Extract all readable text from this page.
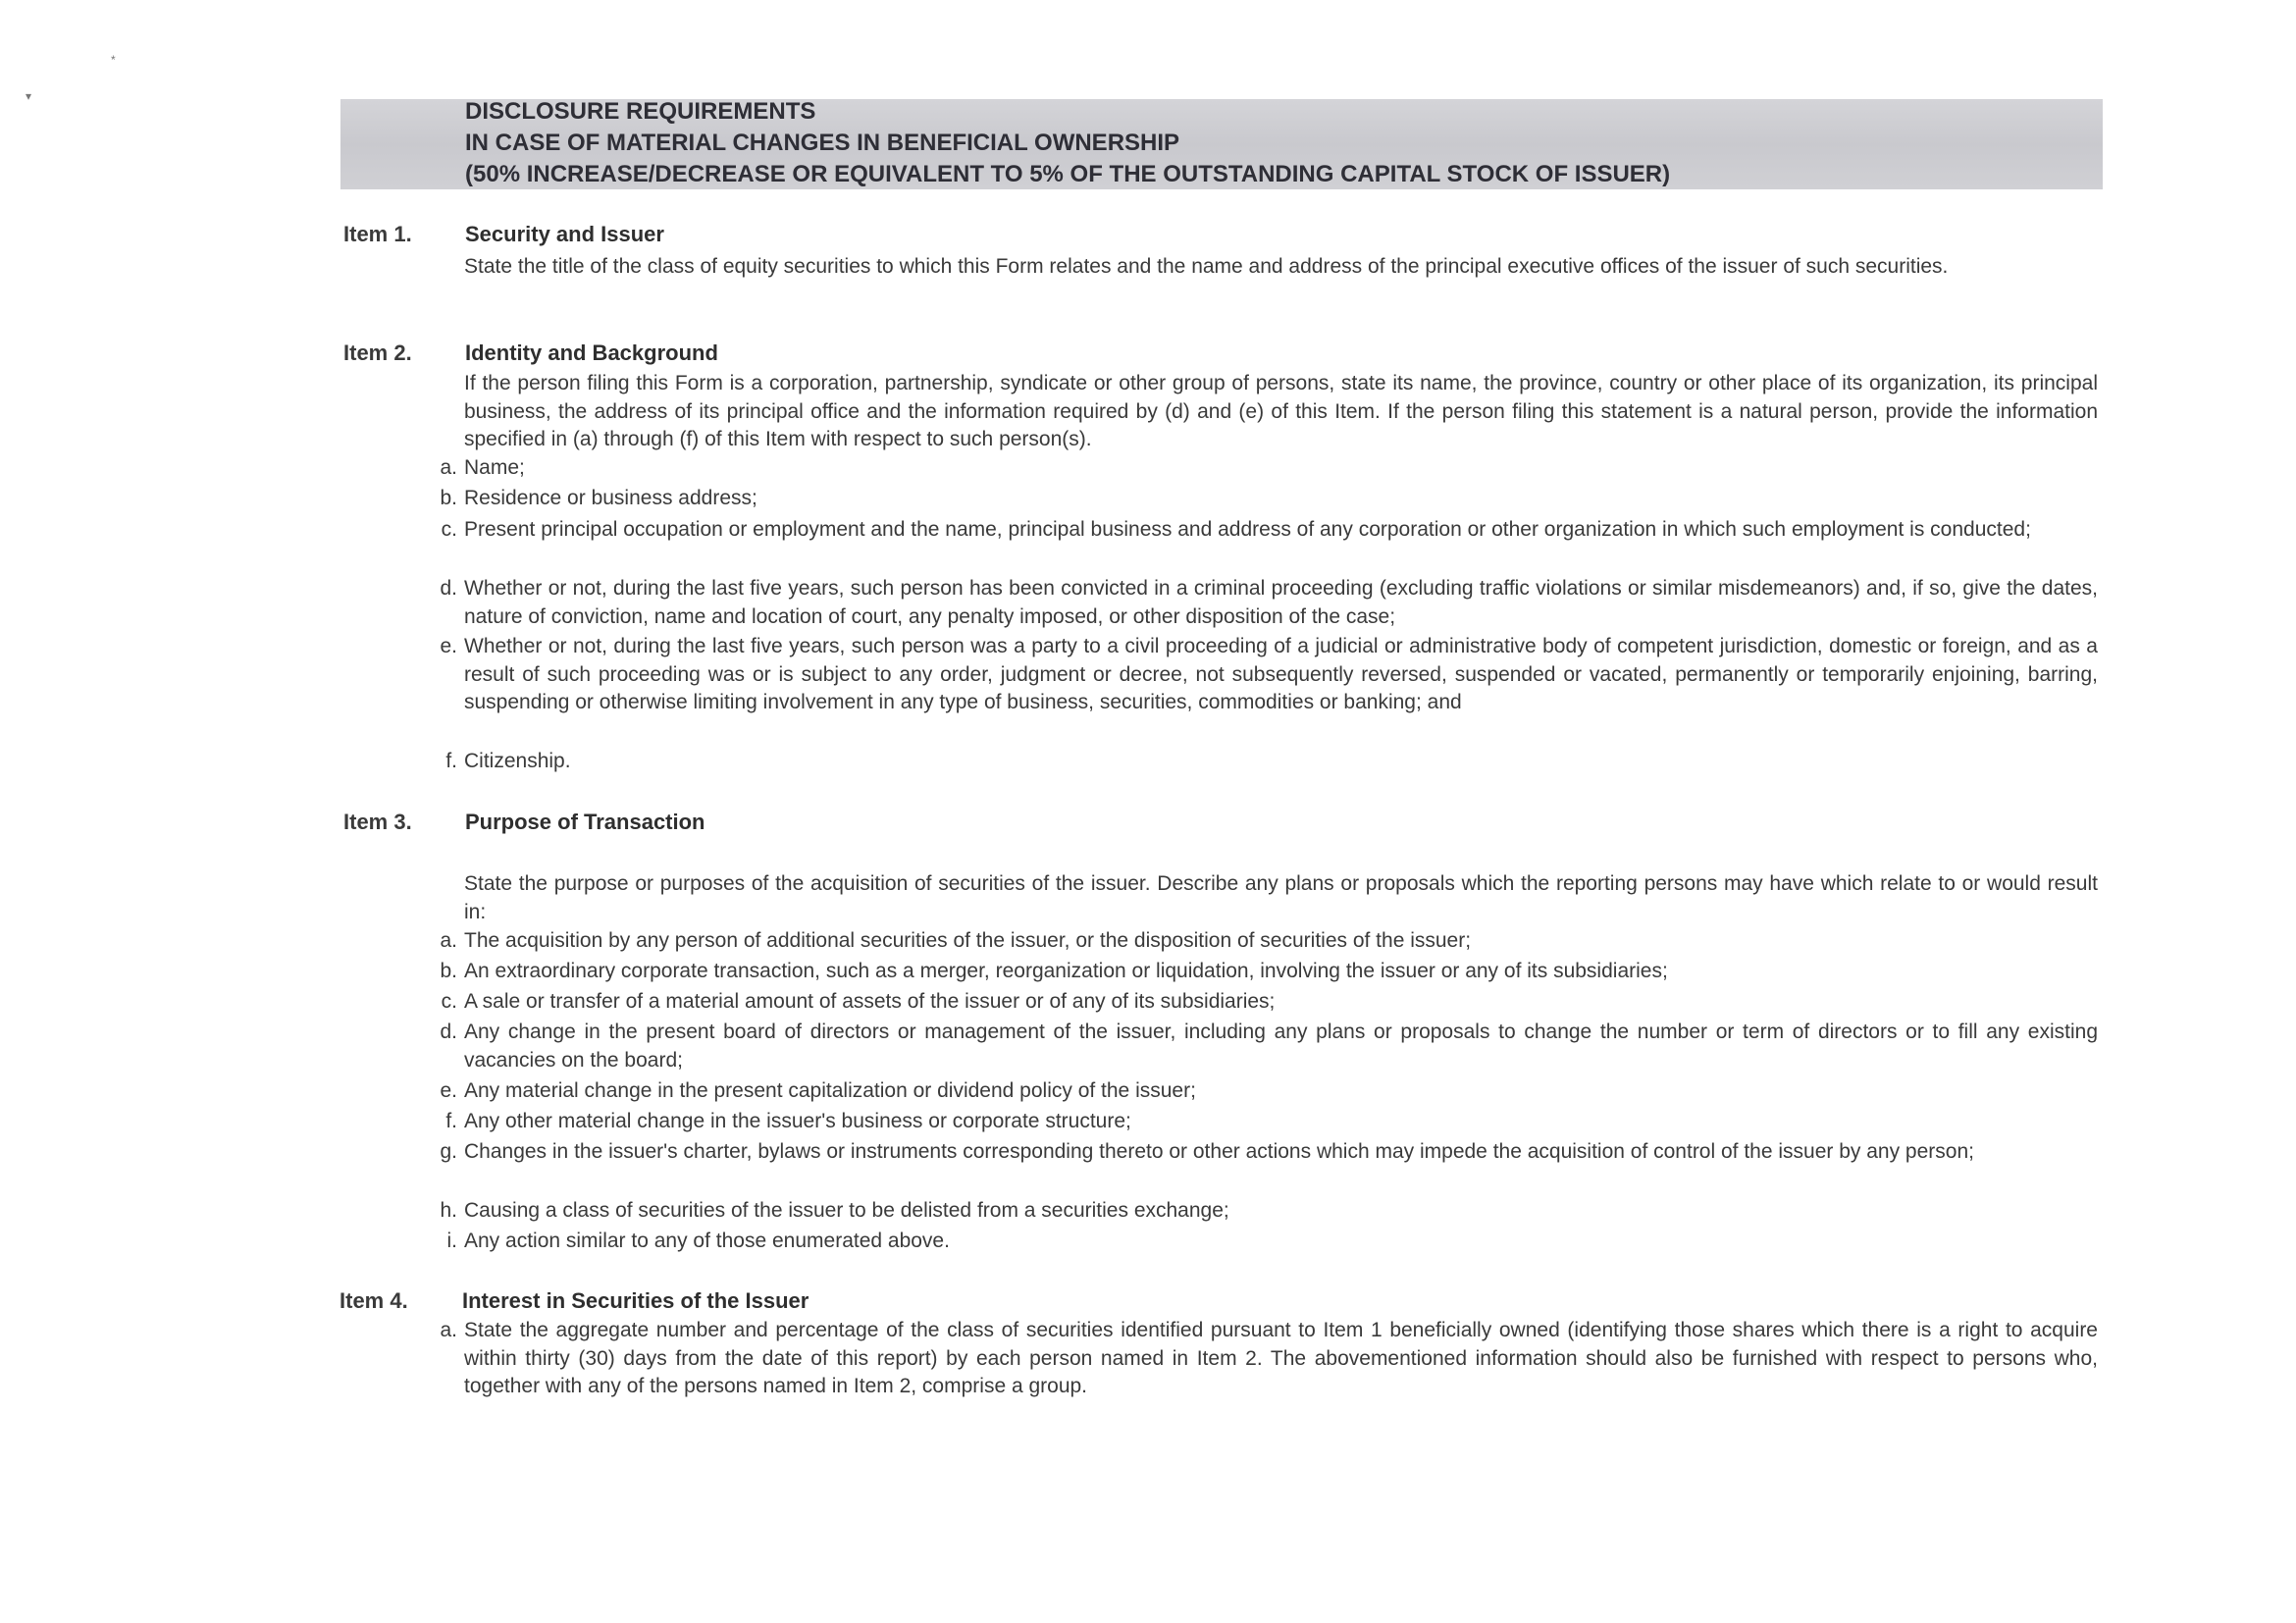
*
▾
DISCLOSURE REQUIREMENTS
IN CASE OF MATERIAL CHANGES IN BENEFICIAL OWNERSHIP
(50% INCREASE/DECREASE OR EQUIVALENT TO 5% OF THE OUTSTANDING CAPITAL STOCK OF ISSUER)
Item 1. Security and Issuer
State the title of the class of equity securities to which this Form relates and the name and address of the principal executive offices of the issuer of such securities.
Item 2. Identity and Background
If the person filing this Form is a corporation, partnership, syndicate or other group of persons, state its name, the province, country or other place of its organization, its principal business, the address of its principal office and the information required by (d) and (e) of this Item. If the person filing this statement is a natural person, provide the information specified in (a) through (f) of this Item with respect to such person(s).
a. Name;
b. Residence or business address;
c. Present principal occupation or employment and the name, principal business and address of any corporation or other organization in which such employment is conducted;
d. Whether or not, during the last five years, such person has been convicted in a criminal proceeding (excluding traffic violations or similar misdemeanors) and, if so, give the dates, nature of conviction, name and location of court, any penalty imposed, or other disposition of the case;
e. Whether or not, during the last five years, such person was a party to a civil proceeding of a judicial or administrative body of competent jurisdiction, domestic or foreign, and as a result of such proceeding was or is subject to any order, judgment or decree, not subsequently reversed, suspended or vacated, permanently or temporarily enjoining, barring, suspending or otherwise limiting involvement in any type of business, securities, commodities or banking; and
f. Citizenship.
Item 3. Purpose of Transaction
State the purpose or purposes of the acquisition of securities of the issuer. Describe any plans or proposals which the reporting persons may have which relate to or would result in:
a. The acquisition by any person of additional securities of the issuer, or the disposition of securities of the issuer;
b. An extraordinary corporate transaction, such as a merger, reorganization or liquidation, involving the issuer or any of its subsidiaries;
c. A sale or transfer of a material amount of assets of the issuer or of any of its subsidiaries;
d. Any change in the present board of directors or management of the issuer, including any plans or proposals to change the number or term of directors or to fill any existing vacancies on the board;
e. Any material change in the present capitalization or dividend policy of the issuer;
f. Any other material change in the issuer's business or corporate structure;
g. Changes in the issuer's charter, bylaws or instruments corresponding thereto or other actions which may impede the acquisition of control of the issuer by any person;
h. Causing a class of securities of the issuer to be delisted from a securities exchange;
i. Any action similar to any of those enumerated above.
Item 4.	Interest in Securities of the Issuer
a. State the aggregate number and percentage of the class of securities identified pursuant to Item 1 beneficially owned (identifying those shares which there is a right to acquire within thirty (30) days from the date of this report) by each person named in Item 2. The abovementioned information should also be furnished with respect to persons who, together with any of the persons named in Item 2, comprise a group.
